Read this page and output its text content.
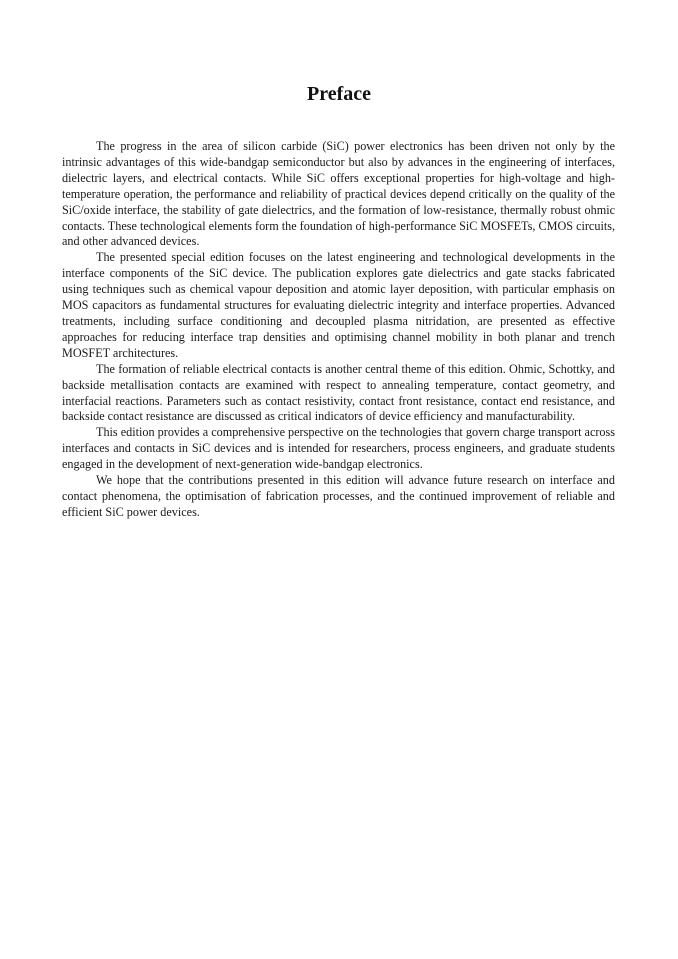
Preface

The progress in the area of silicon carbide (SiC) power electronics has been driven not only by the intrinsic advantages of this wide-bandgap semiconductor but also by advances in the engineering of interfaces, dielectric layers, and electrical contacts. While SiC offers exceptional properties for high-voltage and high-temperature operation, the performance and reliability of practical devices depend critically on the quality of the SiC/oxide interface, the stability of gate dielectrics, and the formation of low-resistance, thermally robust ohmic contacts. These technological elements form the foundation of high-performance SiC MOSFETs, CMOS circuits, and other advanced devices.

The presented special edition focuses on the latest engineering and technological developments in the interface components of the SiC device. The publication explores gate dielectrics and gate stacks fabricated using techniques such as chemical vapour deposition and atomic layer deposition, with particular emphasis on MOS capacitors as fundamental structures for evaluating dielectric integrity and interface properties. Advanced treatments, including surface conditioning and decoupled plasma nitridation, are presented as effective approaches for reducing interface trap densities and optimising channel mobility in both planar and trench MOSFET architectures.

The formation of reliable electrical contacts is another central theme of this edition. Ohmic, Schottky, and backside metallisation contacts are examined with respect to annealing temperature, contact geometry, and interfacial reactions. Parameters such as contact resistivity, contact front resistance, contact end resistance, and backside contact resistance are discussed as critical indicators of device efficiency and manufacturability.

This edition provides a comprehensive perspective on the technologies that govern charge transport across interfaces and contacts in SiC devices and is intended for researchers, process engineers, and graduate students engaged in the development of next-generation wide-bandgap electronics.

We hope that the contributions presented in this edition will advance future research on interface and contact phenomena, the optimisation of fabrication processes, and the continued improvement of reliable and efficient SiC power devices.
